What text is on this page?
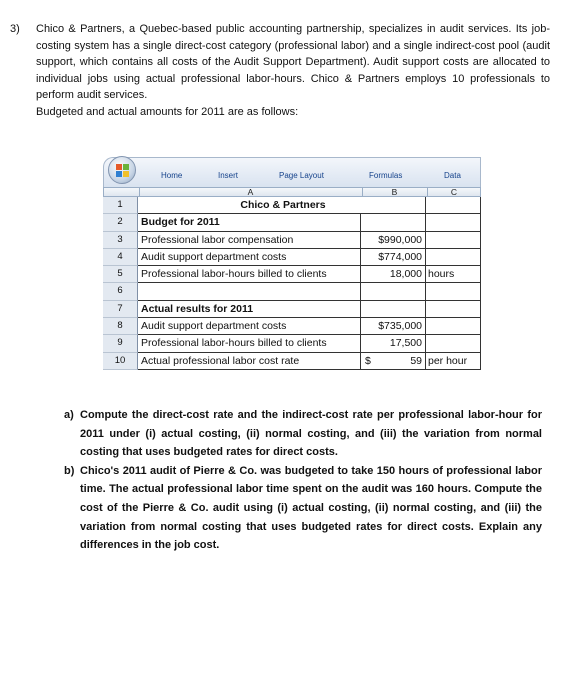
3) Chico & Partners, a Quebec-based public accounting partnership, specializes in audit services. Its job-costing system has a single direct-cost category (professional labor) and a single indirect-cost pool (audit support, which contains all costs of the Audit Support Department). Audit support costs are allocated to individual jobs using actual professional labor-hours. Chico & Partners employs 10 professionals to perform audit services.
Budgeted and actual amounts for 2011 are as follows:
Home	Insert	Page Layout	Formulas	Data
A	B	C
1	Chico & Partners
2	Budget for 2011
3	Professional labor compensation	$990,000
4	Audit support department costs	$774,000
5	Professional labor-hours billed to clients	18,000 hours
6
7	Actual results for 2011
8	Audit support department costs	$735,000
9	Professional labor-hours billed to clients	17,500
10	Actual professional labor cost rate	$	59 per hour
a) Compute the direct-cost rate and the indirect-cost rate per professional labor-hour for 2011 under (i) actual costing, (ii) normal costing, and (iii) the variation from normal costing that uses budgeted rates for direct costs.
b) Chico's 2011 audit of Pierre & Co. was budgeted to take 150 hours of professional labor time. The actual professional labor time spent on the audit was 160 hours. Compute the cost of the Pierre & Co. audit using (i) actual costing, (ii) normal costing, and (iii) the variation from normal costing that uses budgeted rates for direct costs. Explain any differences in the job cost.
